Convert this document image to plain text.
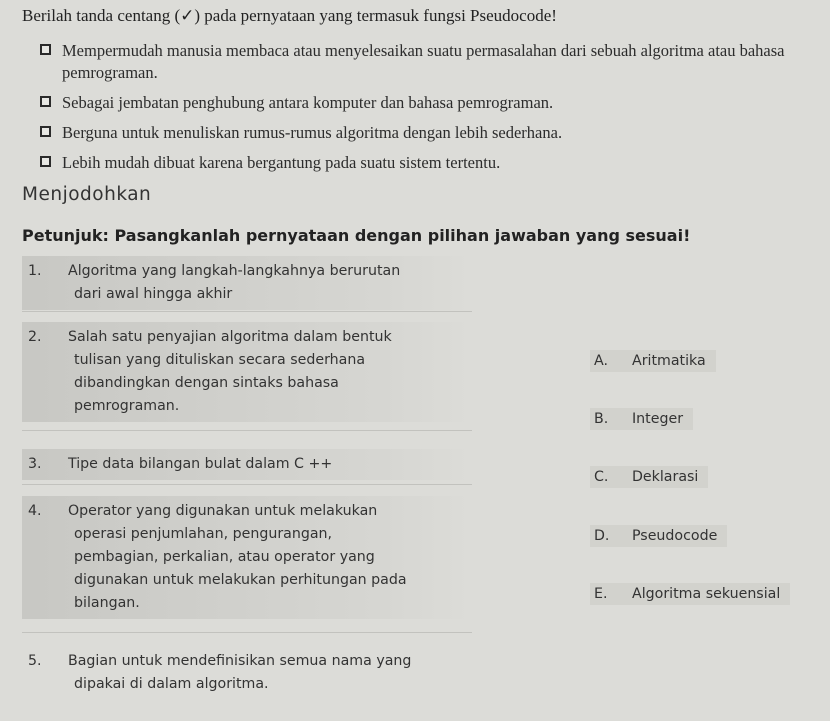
Berilah tanda centang (✓) pada pernyataan yang termasuk fungsi Pseudocode!
Mempermudah manusia membaca atau menyelesaikan suatu permasalahan dari sebuah algoritma atau bahasa pemrograman.
Sebagai jembatan penghubung antara komputer dan bahasa pemrograman.
Berguna untuk menuliskan rumus-rumus algoritma dengan lebih sederhana.
Lebih mudah dibuat karena bergantung pada suatu sistem tertentu.
Menjodohkan
Petunjuk: Pasangkanlah pernyataan dengan pilihan jawaban yang sesuai!
1. Algoritma yang langkah-langkahnya berurutan
dari awal hingga akhir
2. Salah satu penyajian algoritma dalam bentuk
tulisan yang dituliskan secara sederhana
dibandingkan dengan sintaks bahasa
pemrograman.
3. Tipe data bilangan bulat dalam C ++
4. Operator yang digunakan untuk melakukan
operasi penjumlahan, pengurangan,
pembagian, perkalian, atau operator yang
digunakan untuk melakukan perhitungan pada
bilangan.
5. Bagian untuk mendefinisikan semua nama yang
dipakai di dalam algoritma.
A. Aritmatika
B. Integer
C. Deklarasi
D. Pseudocode
E. Algoritma sekuensial
